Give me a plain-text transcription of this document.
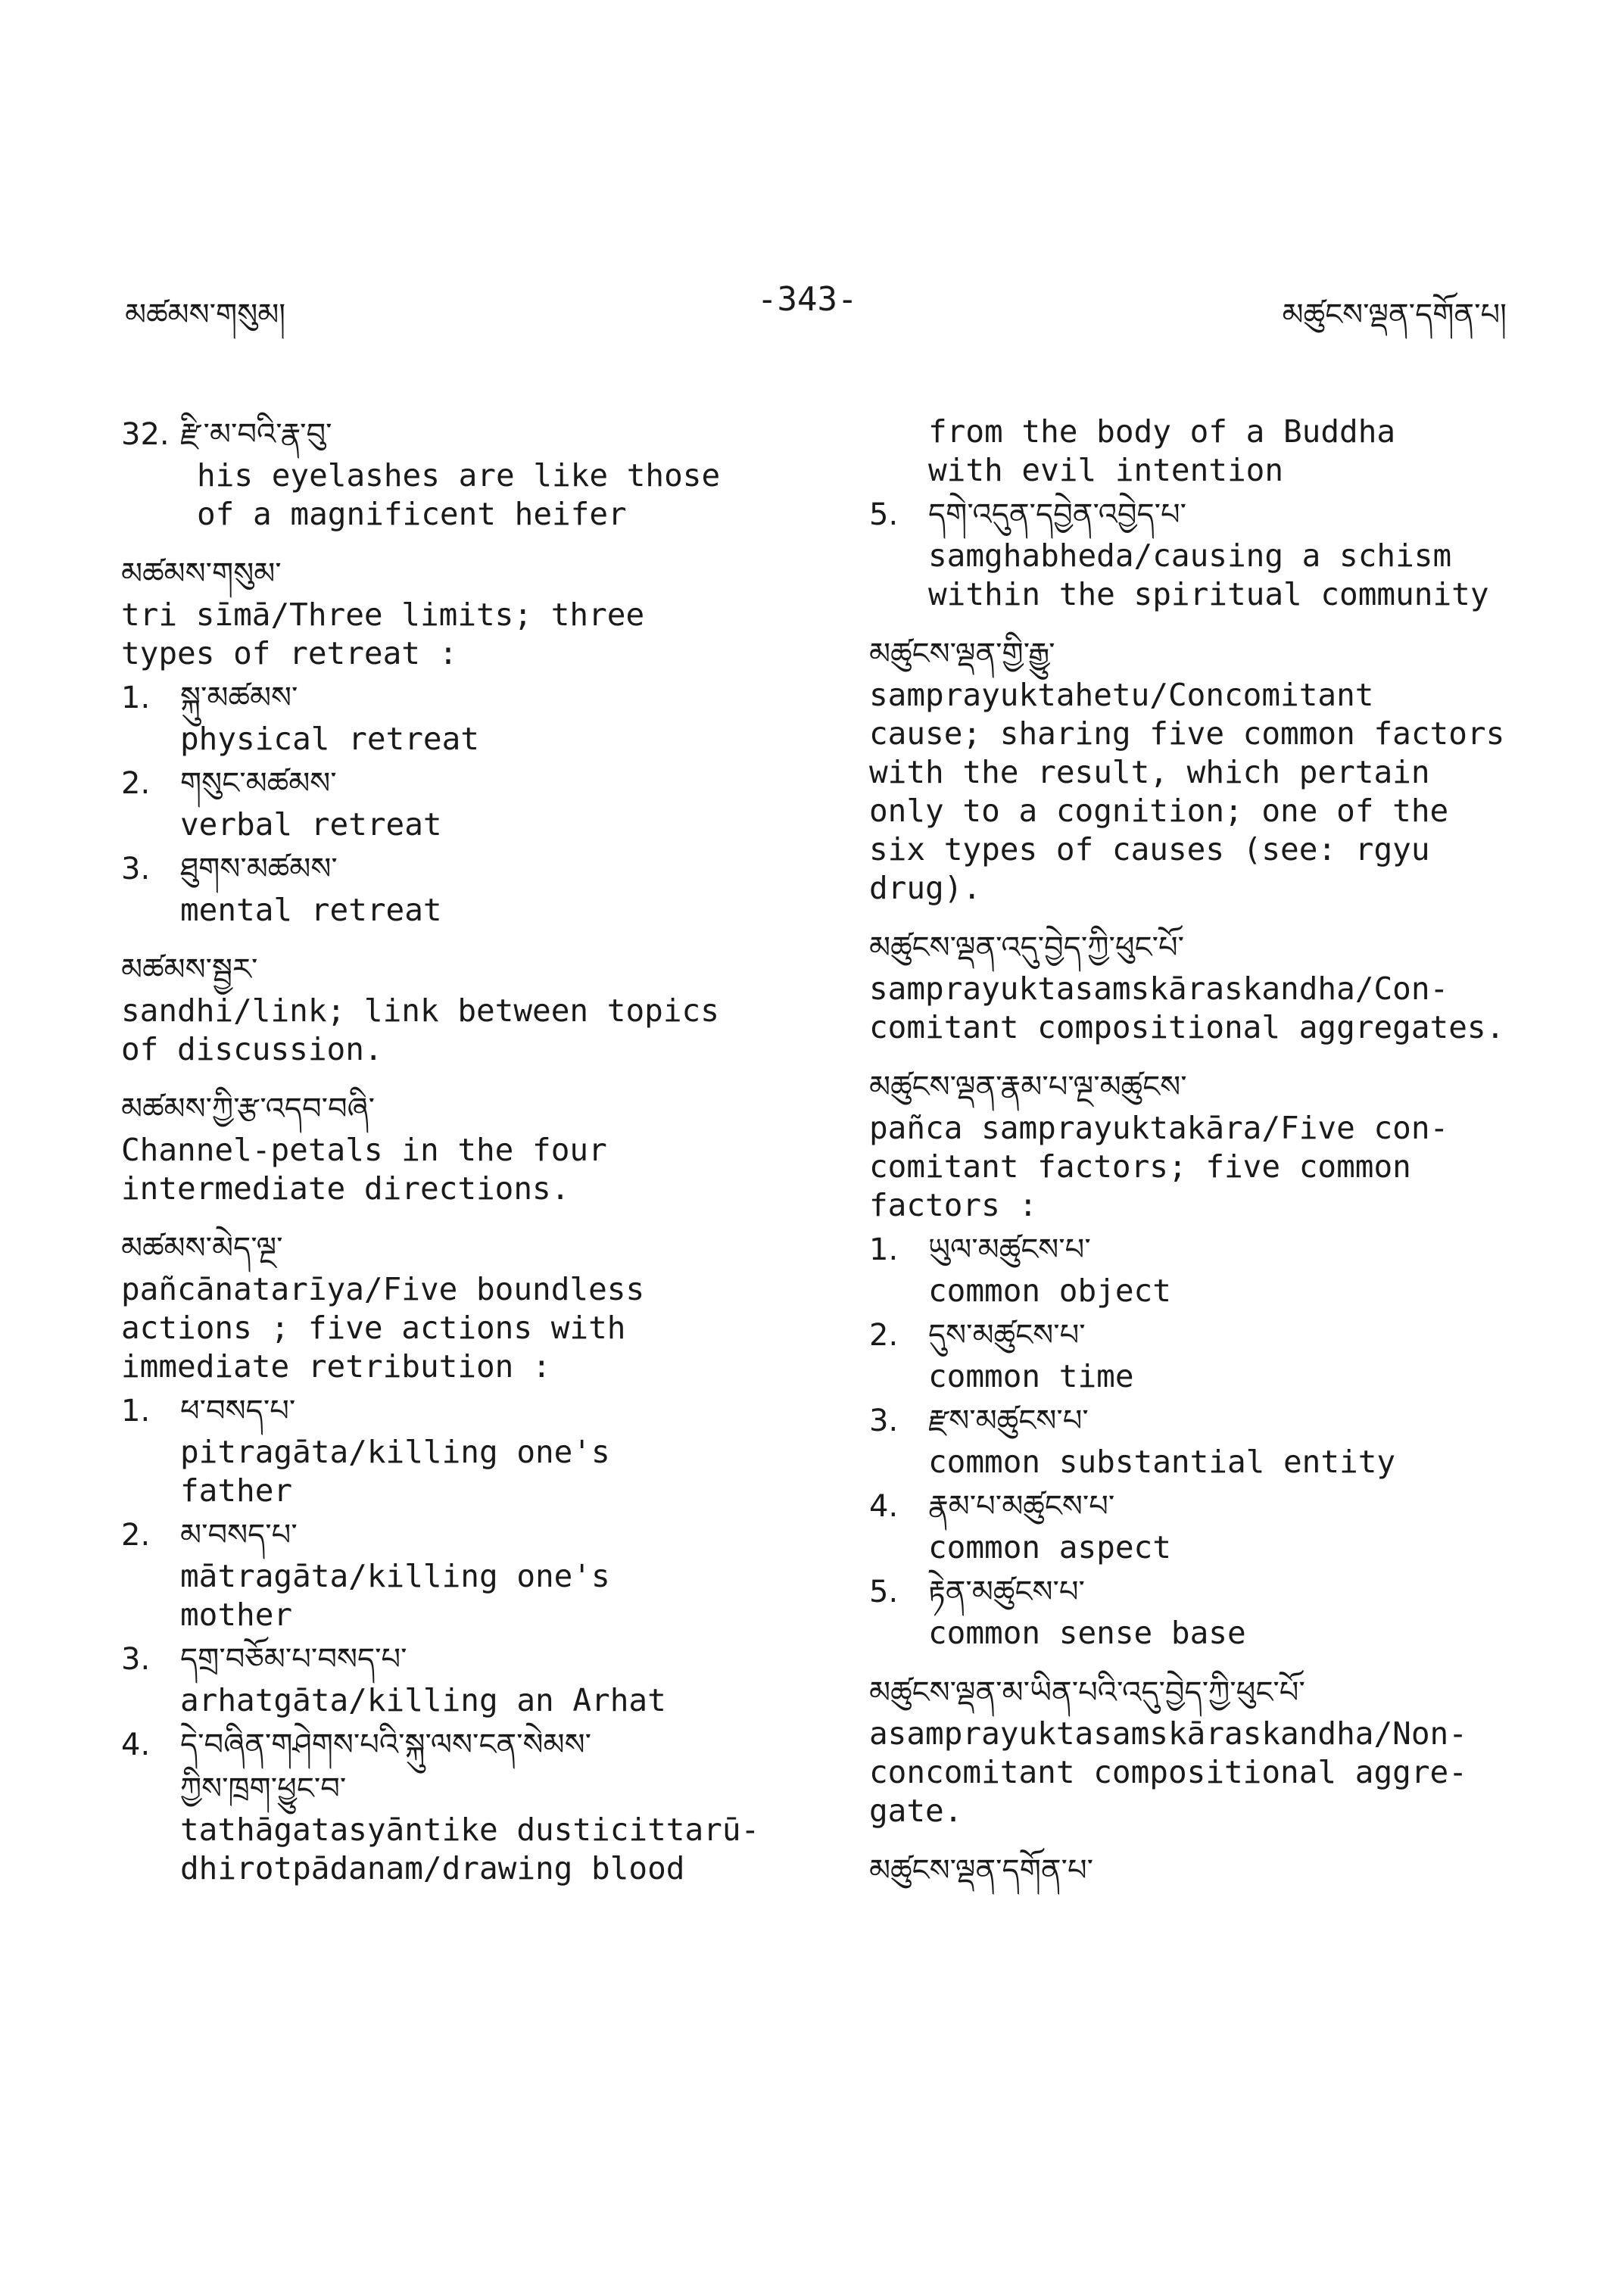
མཚམས་གསུམ།	-343-	མཚུངས་ལྡན་དགོན་པ།
32. རྫི་མ་བའི་རྣ་བུ་
his eyelashes are like those
of a magnificent heifer
མཚམས་གསུམ་
tri sīmā/Three limits; three
types of retreat :
1. སྐུ་མཚམས་
physical retreat
2. གསུང་མཚམས་
verbal retreat
3. ཐུགས་མཚམས་
mental retreat
མཚམས་སྦྱར་
sandhi/link; link between topics
of discussion.
མཚམས་ཀྱི་རྩ་འདབ་བཞི་
Channel-petals in the four
intermediate directions.
མཚམས་མེད་ལྔ་
pañcānatarīya/Five boundless
actions ; five actions with
immediate retribution :
1. ཕ་བསད་པ་
pitragāta/killing one's
father
2. མ་བསད་པ་
mātragāta/killing one's
mother
3. དགྲ་བཅོམ་པ་བསད་པ་
arhatgāta/killing an Arhat
4. དེ་བཞིན་གཤེགས་པའི་སྐུ་ལས་ངན་སེམས་
ཀྱིས་ཁྲག་ཕྱུང་བ་
tathāgatasyāntike dusticittarū-
dhirotpādanam/drawing blood
from the body of a Buddha
with evil intention
5. དགེ་འདུན་དབྱེན་འབྱེད་པ་
samghabheda/causing a schism
within the spiritual community
མཚུངས་ལྡན་གྱི་རྒྱུ་
samprayuktahetu/Concomitant
cause; sharing five common factors
with the result, which pertain
only to a cognition; one of the
six types of causes (see: rgyu
drug).
མཚུངས་ལྡན་འདུ་བྱེད་ཀྱི་ཕུང་པོ་
samprayuktasamskāraskandha/Con-
comitant compositional aggregates.
མཚུངས་ལྡན་རྣམ་པ་ལྔ་མཚུངས་
pañca samprayuktakāra/Five con-
comitant factors; five common
factors :
1. ཡུལ་མཚུངས་པ་
common object
2. དུས་མཚུངས་པ་
common time
3. རྫས་མཚུངས་པ་
common substantial entity
4. རྣམ་པ་མཚུངས་པ་
common aspect
5. རྟེན་མཚུངས་པ་
common sense base
མཚུངས་ལྡན་མ་ཡིན་པའི་འདུ་བྱེད་ཀྱི་ཕུང་པོ་
asamprayuktasamskāraskandha/Non-
concomitant compositional aggre-
gate.
མཚུངས་ལྡན་དགོན་པ་
